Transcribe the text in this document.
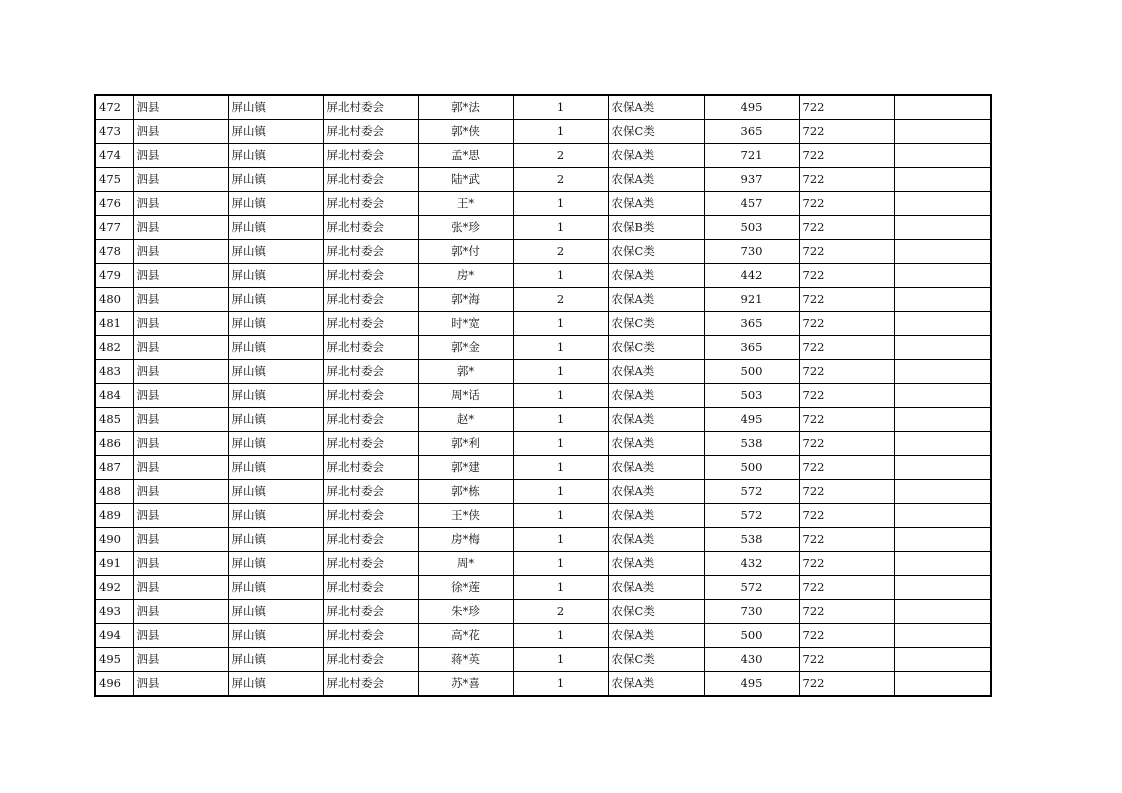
472	泗县	屏山镇	屏北村委会	郭*法	1	农保A类	495	722	
473	泗县	屏山镇	屏北村委会	郭*侠	1	农保C类	365	722	
474	泗县	屏山镇	屏北村委会	孟*思	2	农保A类	721	722	
475	泗县	屏山镇	屏北村委会	陆*武	2	农保A类	937	722	
476	泗县	屏山镇	屏北村委会	王*	1	农保A类	457	722	
477	泗县	屏山镇	屏北村委会	张*珍	1	农保B类	503	722	
478	泗县	屏山镇	屏北村委会	郭*付	2	农保C类	730	722	
479	泗县	屏山镇	屏北村委会	房*	1	农保A类	442	722	
480	泗县	屏山镇	屏北村委会	郭*海	2	农保A类	921	722	
481	泗县	屏山镇	屏北村委会	时*宽	1	农保C类	365	722	
482	泗县	屏山镇	屏北村委会	郭*金	1	农保C类	365	722	
483	泗县	屏山镇	屏北村委会	郭*	1	农保A类	500	722	
484	泗县	屏山镇	屏北村委会	周*话	1	农保A类	503	722	
485	泗县	屏山镇	屏北村委会	赵*	1	农保A类	495	722	
486	泗县	屏山镇	屏北村委会	郭*利	1	农保A类	538	722	
487	泗县	屏山镇	屏北村委会	郭*建	1	农保A类	500	722	
488	泗县	屏山镇	屏北村委会	郭*栋	1	农保A类	572	722	
489	泗县	屏山镇	屏北村委会	王*侠	1	农保A类	572	722	
490	泗县	屏山镇	屏北村委会	房*梅	1	农保A类	538	722	
491	泗县	屏山镇	屏北村委会	周*	1	农保A类	432	722	
492	泗县	屏山镇	屏北村委会	徐*莲	1	农保A类	572	722	
493	泗县	屏山镇	屏北村委会	朱*珍	2	农保C类	730	722	
494	泗县	屏山镇	屏北村委会	高*花	1	农保A类	500	722	
495	泗县	屏山镇	屏北村委会	蒋*英	1	农保C类	430	722	
496	泗县	屏山镇	屏北村委会	苏*喜	1	农保A类	495	722	
